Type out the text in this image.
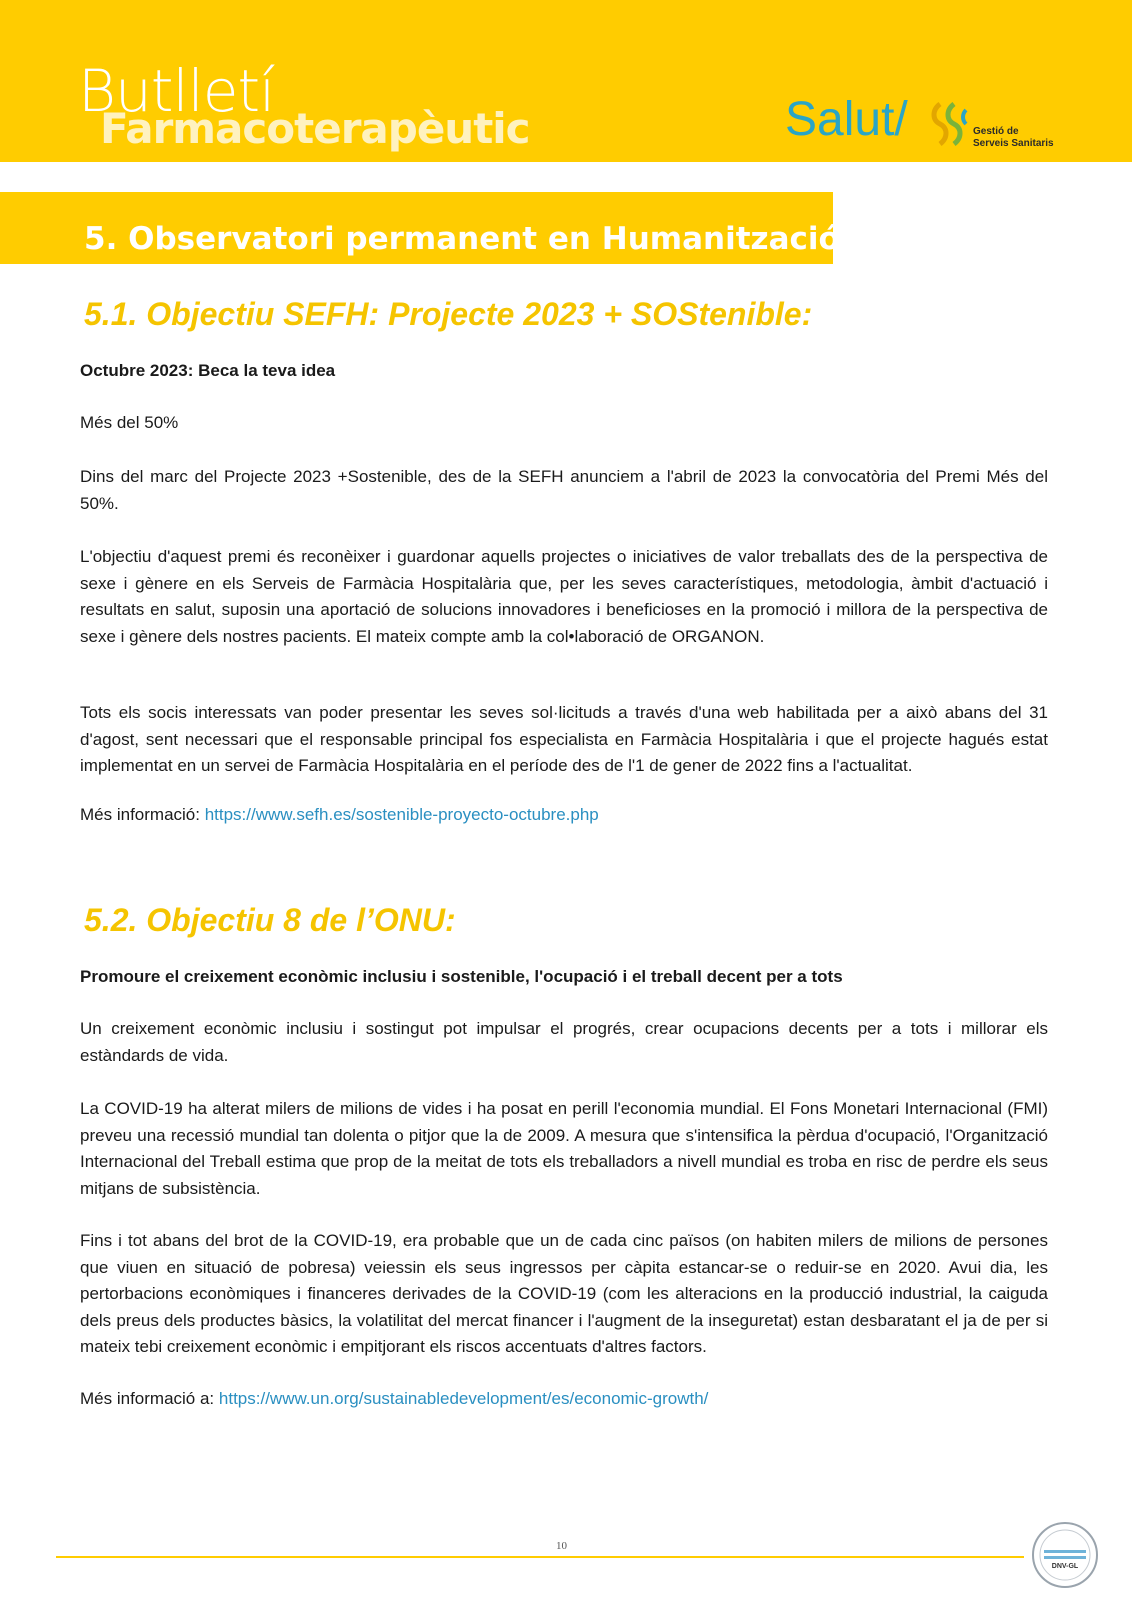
Butlletí
Farmacoterapèutic	Salut/	Gestió de
Serveis Sanitaris
5. Observatori permanent en Humanització:
5.1. Objectiu SEFH: Projecte 2023 + SOStenible:

Octubre 2023: Beca la teva idea

Més del 50%

Dins del marc del Projecte 2023 +Sostenible, des de la SEFH anunciem a l'abril de 2023 la convocatòria del Premi Més del 50%.

L'objectiu d'aquest premi és reconèixer i guardonar aquells projectes o iniciatives de valor treballats des de la perspectiva de sexe i gènere en els Serveis de Farmàcia Hospitalària que, per les seves característiques, metodologia, àmbit d'actuació i resultats en salut, suposin una aportació de solucions innovadores i beneficioses en la promoció i millora de la perspectiva de sexe i gènere dels nostres pacients. El mateix compte amb la col•laboració de ORGANON.

Tots els socis interessats van poder presentar les seves sol·licituds a través d'una web habilitada per a això abans del 31 d'agost, sent necessari que el responsable principal fos especialista en Farmàcia Hospitalària i que el projecte hagués estat implementat en un servei de Farmàcia Hospitalària en el període des de l'1 de gener de 2022 fins a l'actualitat.

Més informació: https://www.sefh.es/sostenible-proyecto-octubre.php

5.2. Objectiu 8 de l’ONU:

Promoure el creixement econòmic inclusiu i sostenible, l'ocupació i el treball decent per a tots

Un creixement econòmic inclusiu i sostingut pot impulsar el progrés, crear ocupacions decents per a tots i millorar els estàndards de vida.

La COVID-19 ha alterat milers de milions de vides i ha posat en perill l'economia mundial. El Fons Monetari Internacional (FMI) preveu una recessió mundial tan dolenta o pitjor que la de 2009. A mesura que s'intensifica la pèrdua d'ocupació, l'Organització Internacional del Treball estima que prop de la meitat de tots els treballadors a nivell mundial es troba en risc de perdre els seus mitjans de subsistència.

Fins i tot abans del brot de la COVID-19, era probable que un de cada cinc països (on habiten milers de milions de persones que viuen en situació de pobresa) veiessin els seus ingressos per càpita estancar-se o reduir-se en 2020. Avui dia, les pertorbacions econòmiques i financeres derivades de la COVID-19 (com les alteracions en la producció industrial, la caiguda dels preus dels productes bàsics, la volatilitat del mercat financer i l'augment de la inseguretat) estan desbaratant el ja de per si mateix tebi creixement econòmic i empitjorant els riscos accentuats d'altres factors.

Més informació a: https://www.un.org/sustainabledevelopment/es/economic-growth/

10
DNV-GL
